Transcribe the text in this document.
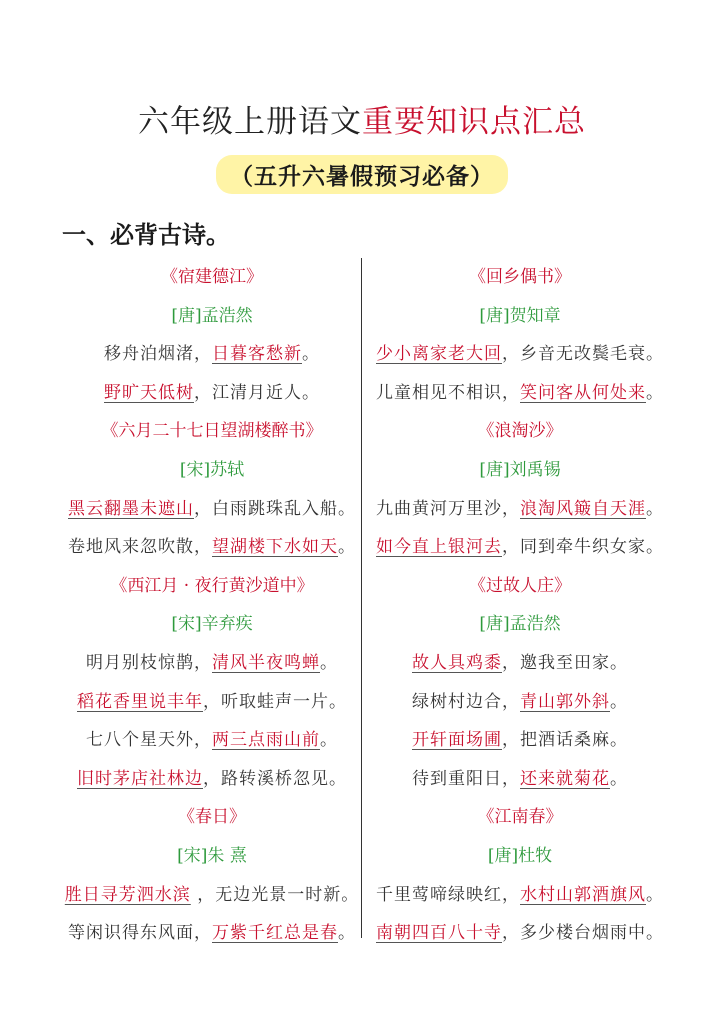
六年级上册语文重要知识点汇总
（五升六暑假预习必备）
一、必背古诗。
《宿建德江》
[唐]孟浩然
移舟泊烟渚，日暮客愁新。
野旷天低树，江清月近人。
《六月二十七日望湖楼醉书》
[宋]苏轼
黑云翻墨未遮山，白雨跳珠乱入船。
卷地风来忽吹散，望湖楼下水如天。
《西江月 · 夜行黄沙道中》
[宋]辛弃疾
明月别枝惊鹊，清风半夜鸣蝉。
稻花香里说丰年，听取蛙声一片。
七八个星天外，两三点雨山前。
旧时茅店社林边，路转溪桥忽见。
《春日》
[宋]朱 熹
胜日寻芳泗水滨 ，无边光景一时新。
等闲识得东风面，万紫千红总是春。
《回乡偶书》
[唐]贺知章
少小离家老大回，乡音无改鬓毛衰。
儿童相见不相识，笑问客从何处来。
《浪淘沙》
[唐]刘禹锡
九曲黄河万里沙，浪淘风簸自天涯。
如今直上银河去，同到牵牛织女家。
《过故人庄》
[唐]孟浩然
故人具鸡黍，邀我至田家。
绿树村边合，青山郭外斜。
开轩面场圃，把酒话桑麻。
待到重阳日，还来就菊花。
《江南春》
[唐]杜牧
千里莺啼绿映红，水村山郭酒旗风。
南朝四百八十寺，多少楼台烟雨中。
